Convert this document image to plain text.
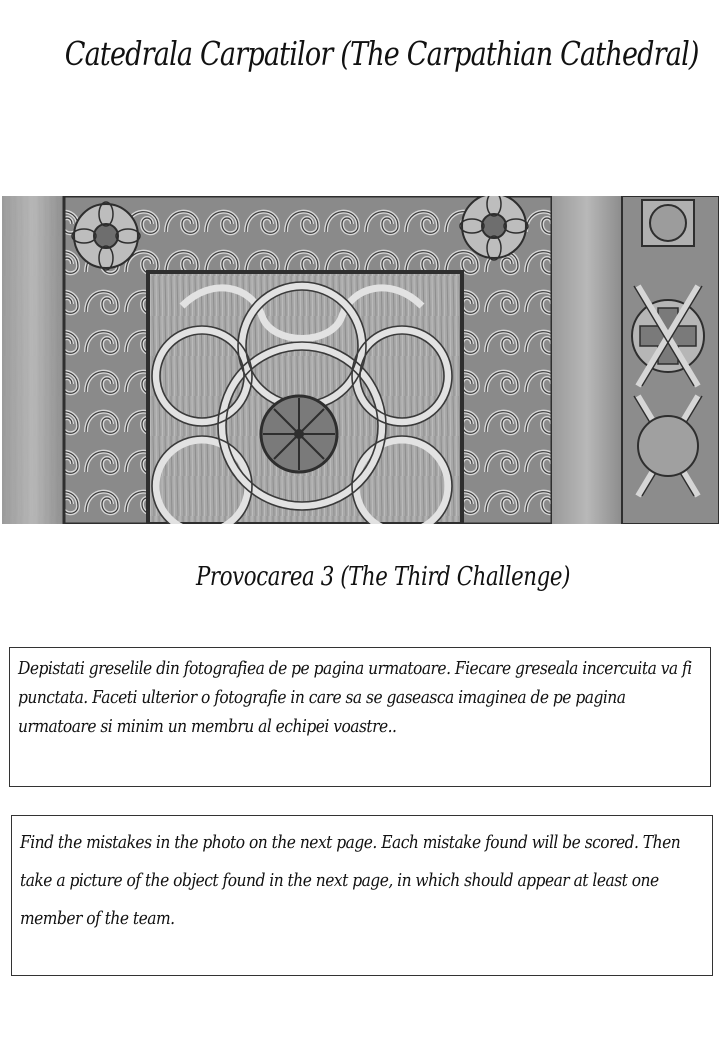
Catedrala Carpatilor (The Carpathian Cathedral)
Provocarea 3 (The Third Challenge)
Depistati greselile din fotografiea de pe pagina urmatoare. Fiecare greseala incercuita va fi punctata. Faceti ulterior o fotografie in care sa se gaseasca imaginea de pe pagina urmatoare si minim un membru al echipei voastre..
Find the mistakes in the photo on the next page. Each mistake found will be scored. Then take a picture of the object found in the next page, in which should appear at least one member of the team.
